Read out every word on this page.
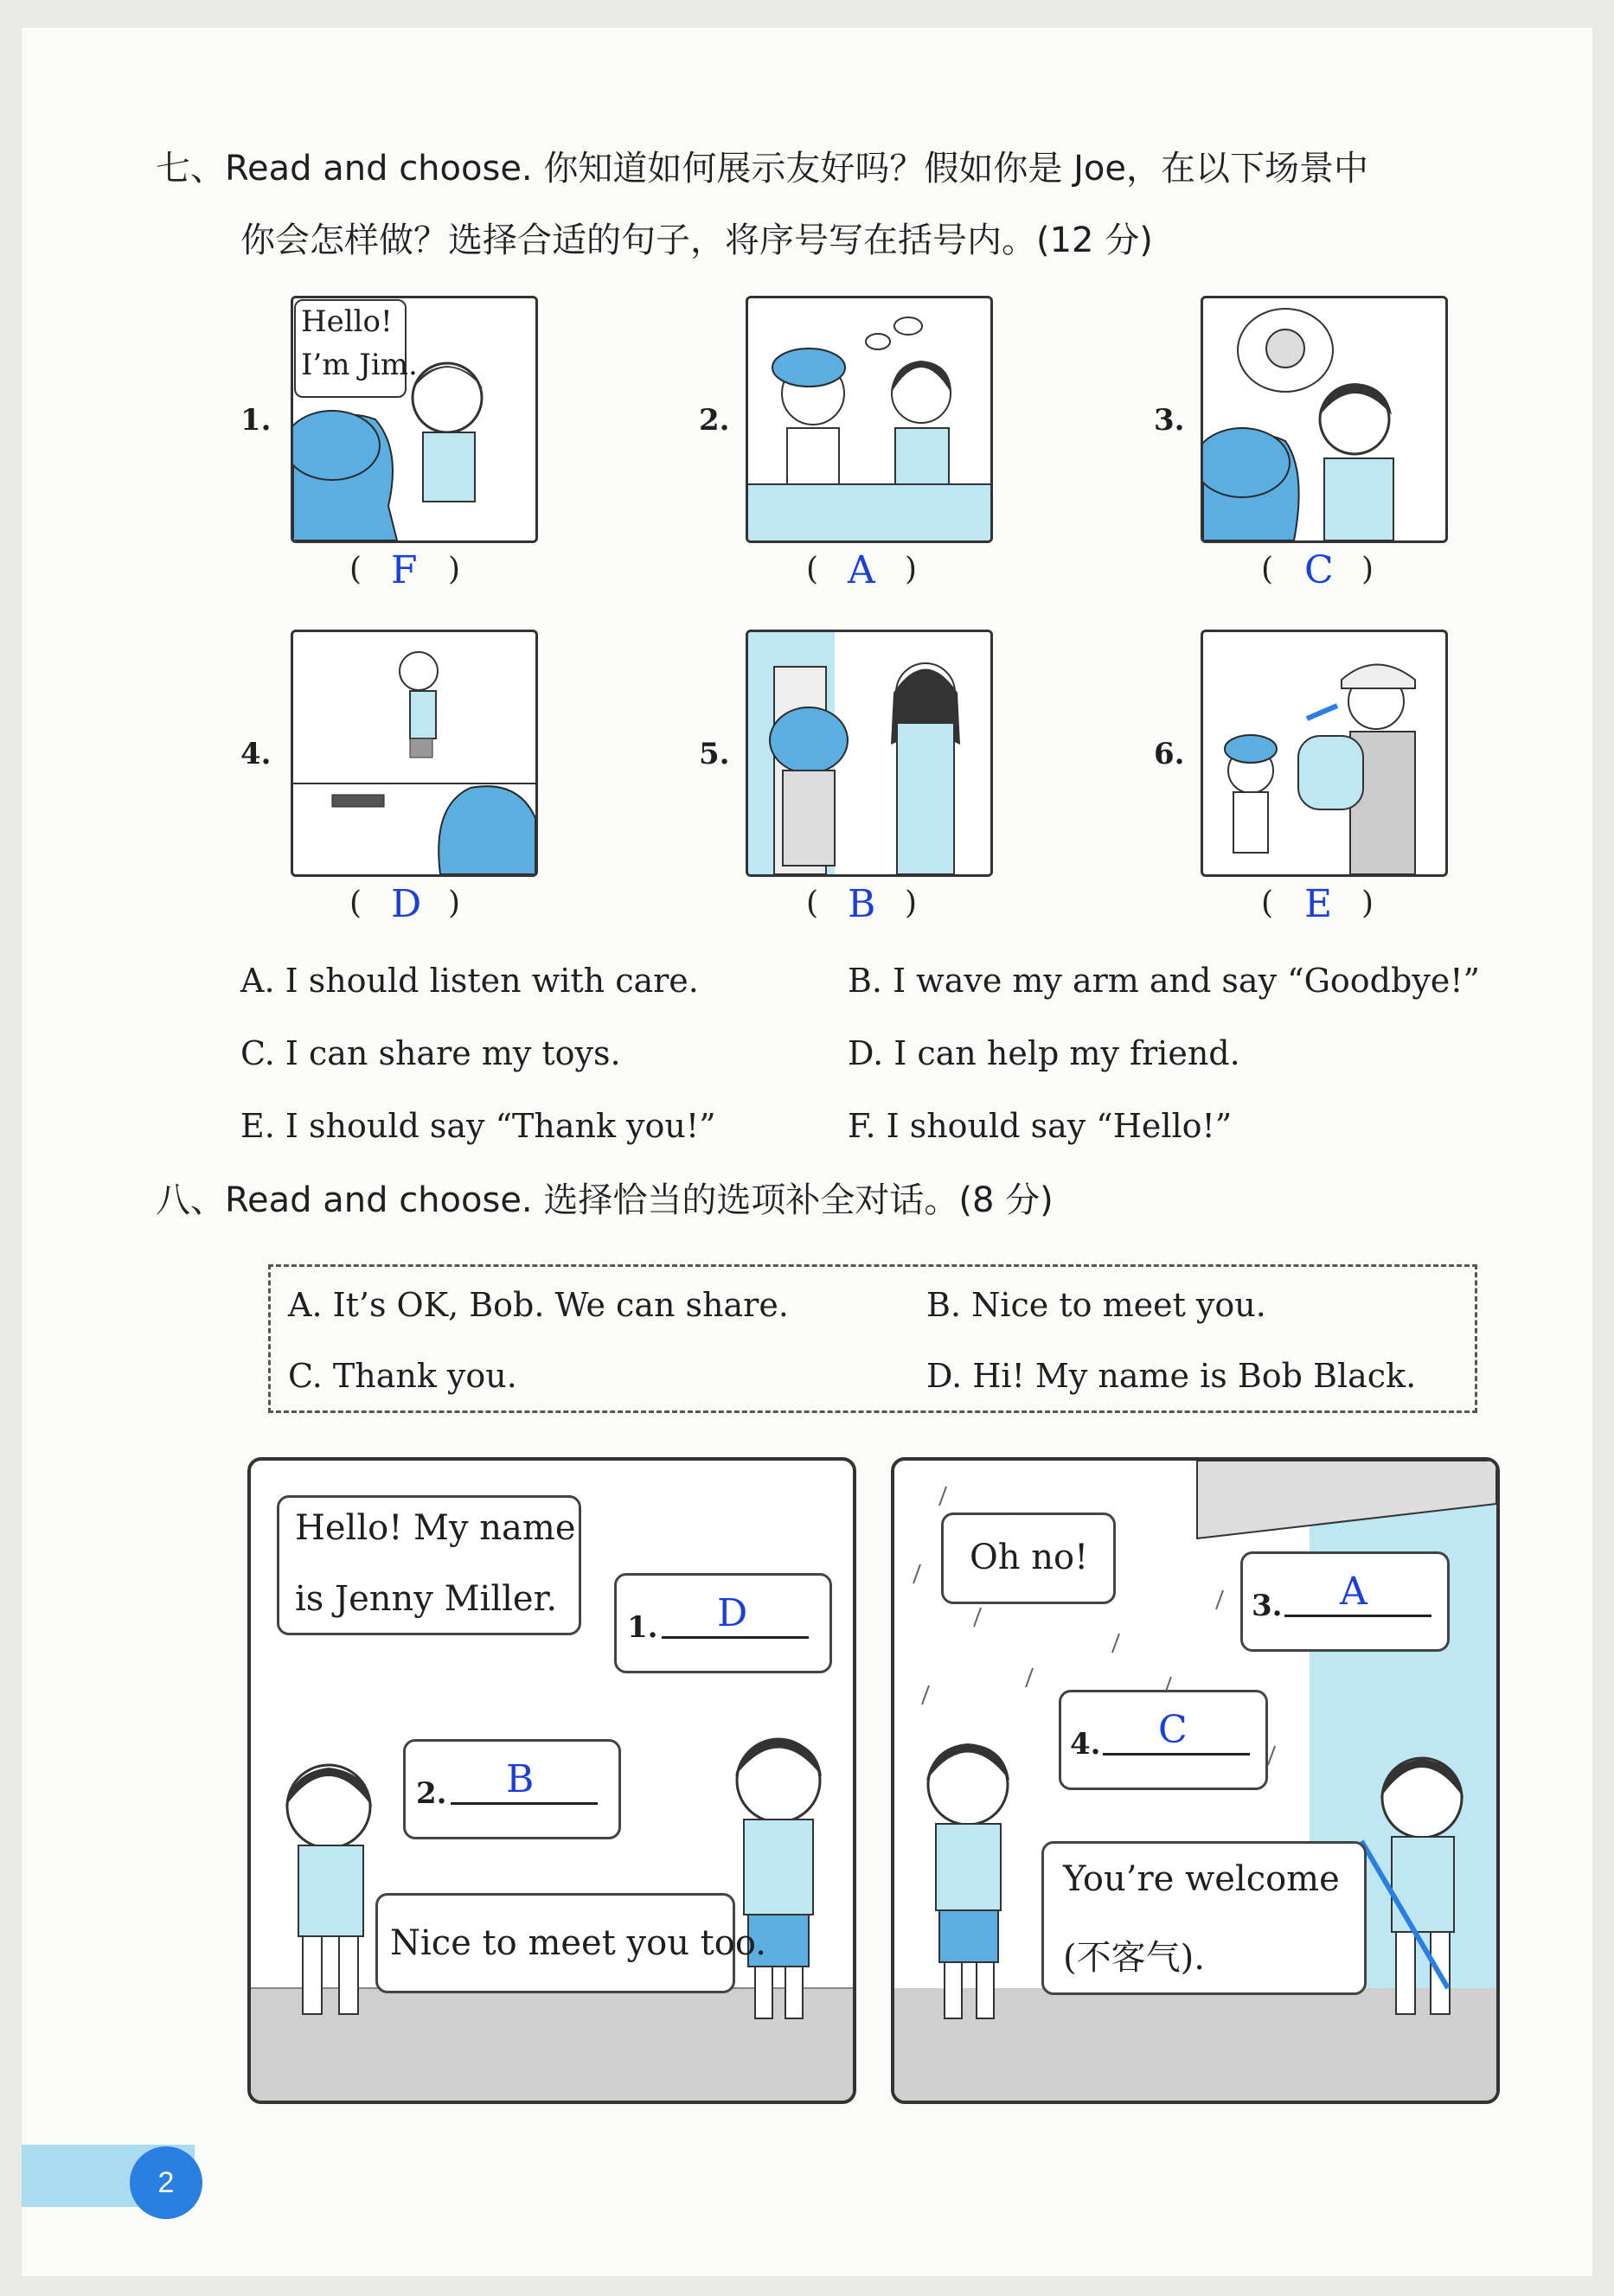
七、Read and choose. 你知道如何展示友好吗？假如你是 Joe，在以下场景中
你会怎样做？选择合适的句子，将序号写在括号内。(12 分)
1.
Hello!
I’m Jim.
( F )
2.
( A )
3.
( C )
4.
( D )
5.
( B )
6.
( E )
A. I should listen with care.	B. I wave my arm and say “Goodbye!”
C. I can share my toys.	D. I can help my friend.
E. I should say “Thank you!”	F. I should say “Hello!”
八、Read and choose. 选择恰当的选项补全对话。(8 分)
A. It’s OK, Bob. We can share.	B. Nice to meet you.
C. Thank you.	D. Hi! My name is Bob Black.
Hello! My name
is Jenny Miller.
1. D
2. B
Nice to meet you too.
Oh no!
3. A
4. C
You’re welcome
(不客气).
2
